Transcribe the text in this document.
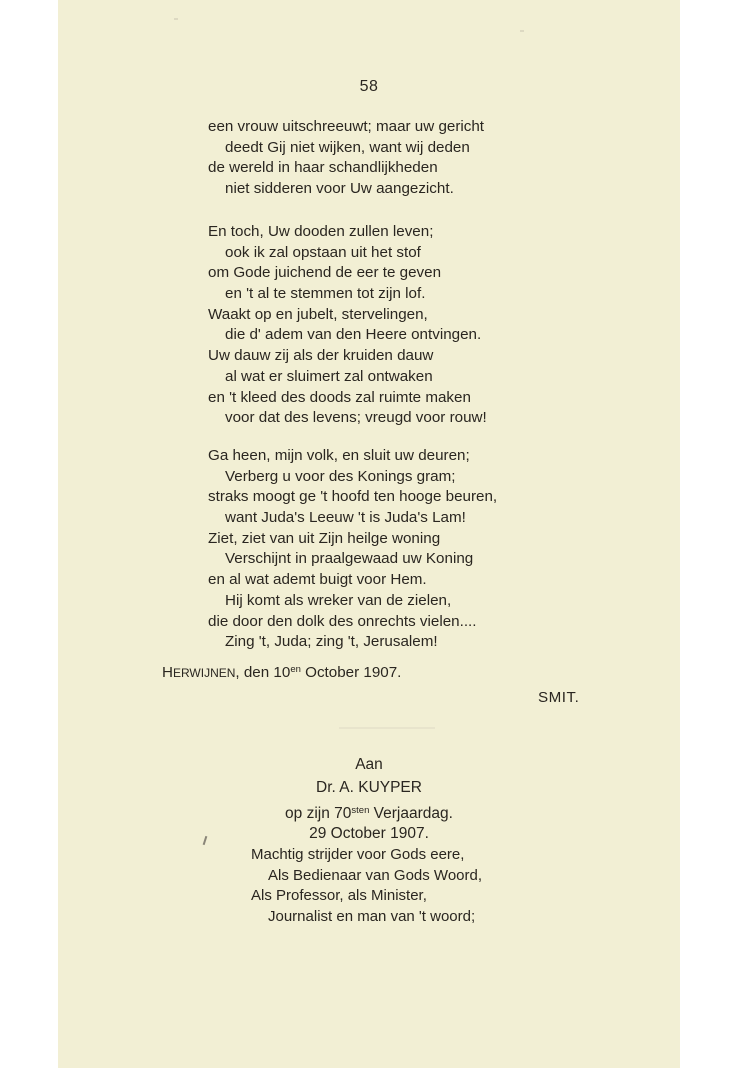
58
een vrouw uitschreeuwt; maar uw gericht
deedt Gij niet wijken, want wij deden
de wereld in haar schandlijkheden
niet sidderen voor Uw aangezicht.
En toch, Uw dooden zullen leven;
ook ik zal opstaan uit het stof
om Gode juichend de eer te geven
en 't al te stemmen tot zijn lof.
Waakt op en jubelt, stervelingen,
die d' adem van den Heere ontvingen.
Uw dauw zij als der kruiden dauw
al wat er sluimert zal ontwaken
en 't kleed des doods zal ruimte maken
voor dat des levens; vreugd voor rouw!
Ga heen, mijn volk, en sluit uw deuren;
Verberg u voor des Konings gram;
straks moogt ge 't hoofd ten hooge beuren,
want Juda's Leeuw 't is Juda's Lam!
Ziet, ziet van uit Zijn heilge woning
Verschijnt in praalgewaad uw Koning
en al wat ademt buigt voor Hem.
Hij komt als wreker van de zielen,
die door den dolk des onrechts vielen....
Zing 't, Juda; zing 't, Jerusalem!
HERWIJNEN, den $10^{en}$ October 1907.
SMIT.
Aan
Dr. A. KUYPER
op zijn $70^{sten}$ Verjaardag.
29 October 1907.
Machtig strijder voor Gods eere,
Als Bedienaar van Gods Woord,
Als Professor, als Minister,
Journalist en man van 't woord;
